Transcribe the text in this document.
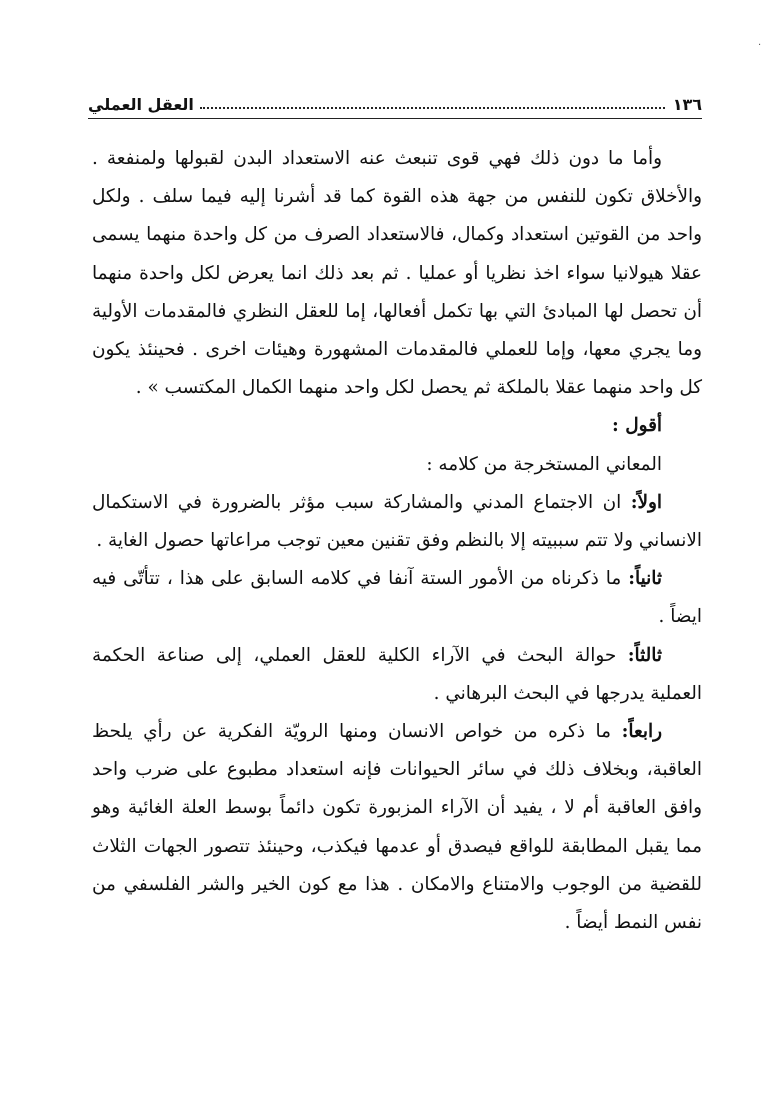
·
١٣٦
العقل العملي

وأما ما دون ذلك فهي قوى تنبعث عنه الاستعداد البدن لقبولها ولمنفعة . والأخلاق تكون للنفس من جهة هذه القوة كما قد أشرنا إليه فيما سلف . ولكل واحد من القوتين استعداد وكمال، فالاستعداد الصرف من كل واحدة منهما يسمى عقلا هيولانيا سواء اخذ نظريا أو عمليا . ثم بعد ذلك انما يعرض لكل واحدة منهما أن تحصل لها المبادئ التي بها تكمل أفعالها، إما للعقل النظري فالمقدمات الأولية وما يجري معها، وإما للعملي فالمقدمات المشهورة وهيئات اخرى . فحينئذ يكون كل واحد منهما عقلا بالملكة ثم يحصل لكل واحد منهما الكمال المكتسب » .

أقول :

المعاني المستخرجة من كلامه :

اولاً: ان الاجتماع المدني والمشاركة سبب مؤثر بالضرورة في الاستكمال الانساني ولا تتم سببيته إلا بالنظم وفق تقنين معين توجب مراعاتها حصول الغاية .

ثانياً: ما ذكرناه من الأمور الستة آنفا في كلامه السابق على هذا ، تتأتّى فيه ايضاً .

ثالثاً: حوالة البحث في الآراء الكلية للعقل العملي، إلى صناعة الحكمة العملية يدرجها في البحث البرهاني .

رابعاً: ما ذكره من خواص الانسان ومنها الرويّة الفكرية عن رأي يلحظ العاقبة، وبخلاف ذلك في سائر الحيوانات فإنه استعداد مطبوع على ضرب واحد وافق العاقبة أم لا ، يفيد أن الآراء المزبورة تكون دائماً بوسط العلة الغائية وهو مما يقبل المطابقة للواقع فيصدق أو عدمها فيكذب، وحينئذ تتصور الجهات الثلاث للقضية من الوجوب والامتناع والامكان . هذا مع كون الخير والشر الفلسفي من نفس النمط أيضاً .
